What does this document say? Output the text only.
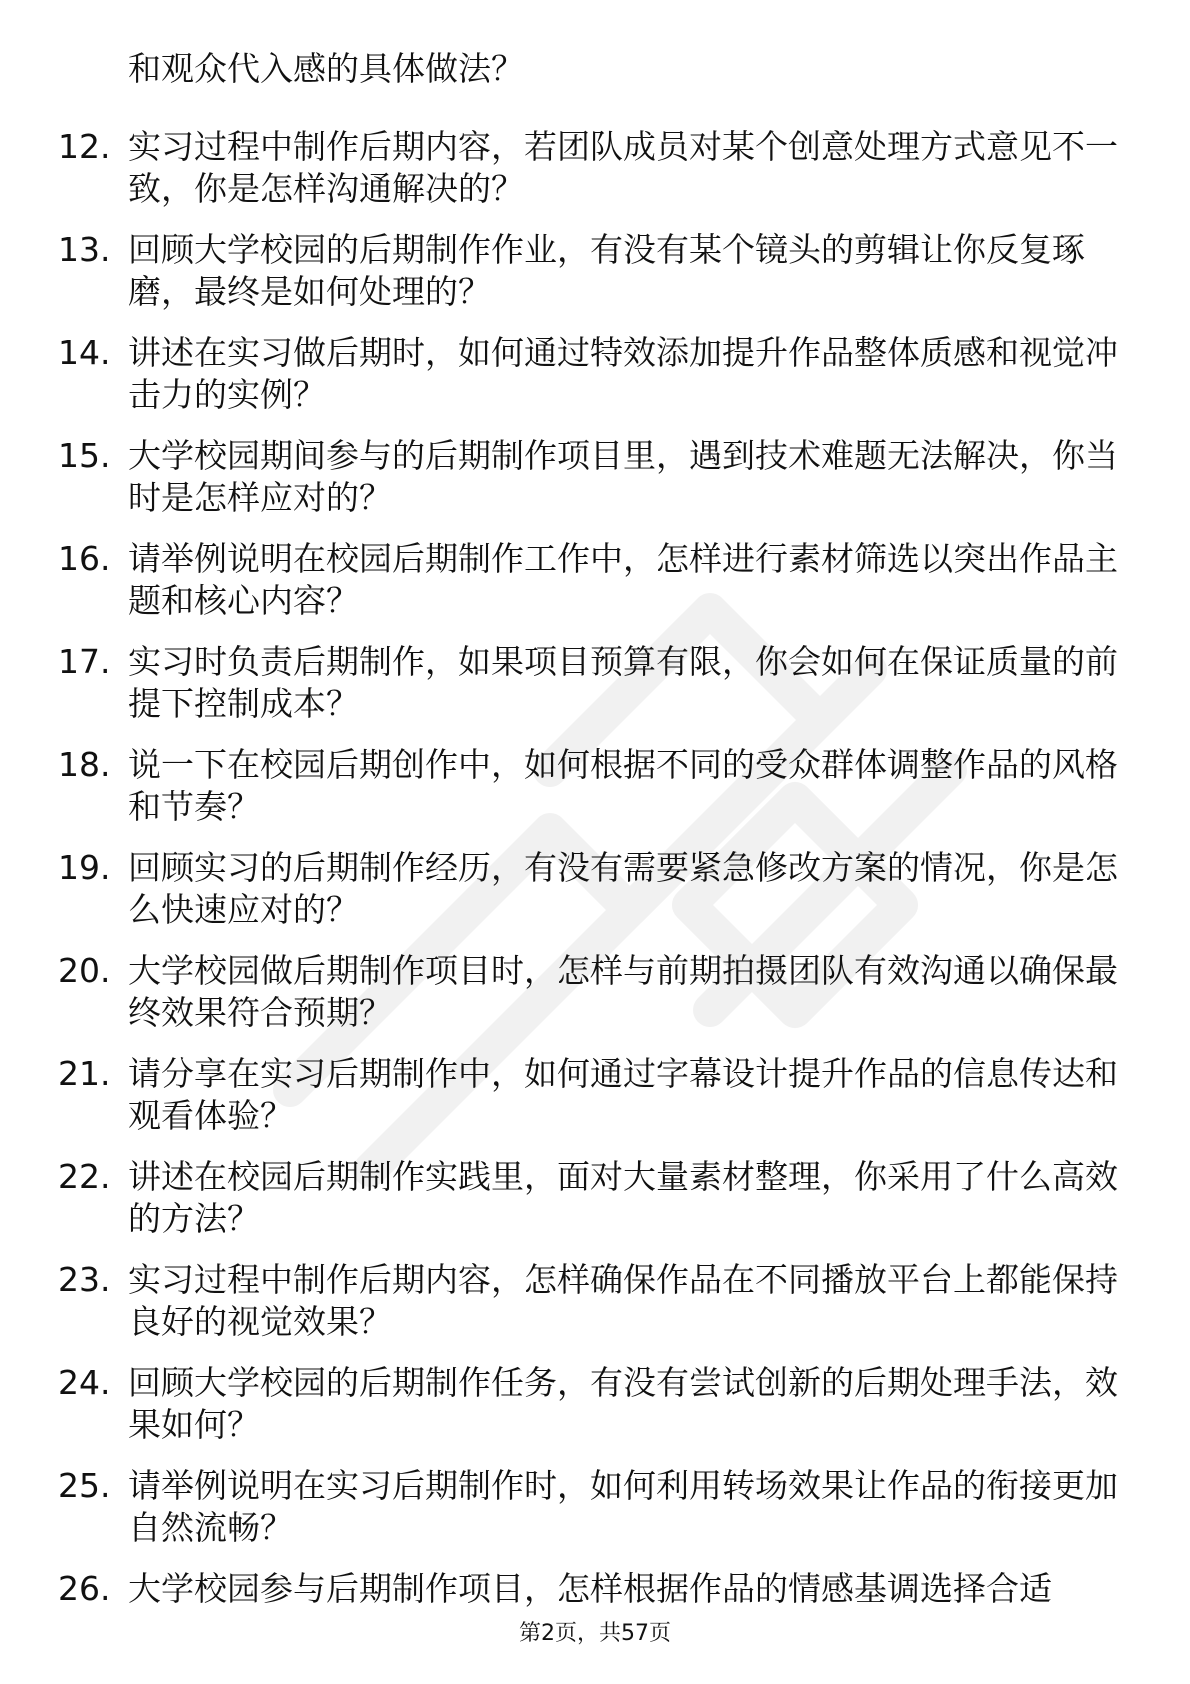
和观众代入感的具体做法？

12. 实习过程中制作后期内容，若团队成员对某个创意处理方式意见不一致，你是怎样沟通解决的？

13. 回顾大学校园的后期制作作业，有没有某个镜头的剪辑让你反复琢磨，最终是如何处理的？

14. 讲述在实习做后期时，如何通过特效添加提升作品整体质感和视觉冲击力的实例？

15. 大学校园期间参与的后期制作项目里，遇到技术难题无法解决，你当时是怎样应对的？

16. 请举例说明在校园后期制作工作中，怎样进行素材筛选以突出作品主题和核心内容？

17. 实习时负责后期制作，如果项目预算有限，你会如何在保证质量的前提下控制成本？

18. 说一下在校园后期创作中，如何根据不同的受众群体调整作品的风格和节奏？

19. 回顾实习的后期制作经历，有没有需要紧急修改方案的情况，你是怎么快速应对的？

20. 大学校园做后期制作项目时，怎样与前期拍摄团队有效沟通以确保最终效果符合预期？

21. 请分享在实习后期制作中，如何通过字幕设计提升作品的信息传达和观看体验？

22. 讲述在校园后期制作实践里，面对大量素材整理，你采用了什么高效的方法？

23. 实习过程中制作后期内容，怎样确保作品在不同播放平台上都能保持良好的视觉效果？

24. 回顾大学校园的后期制作任务，有没有尝试创新的后期处理手法，效果如何？

25. 请举例说明在实习后期制作时，如何利用转场效果让作品的衔接更加自然流畅？

26. 大学校园参与后期制作项目，怎样根据作品的情感基调选择合适

第2页，共57页
